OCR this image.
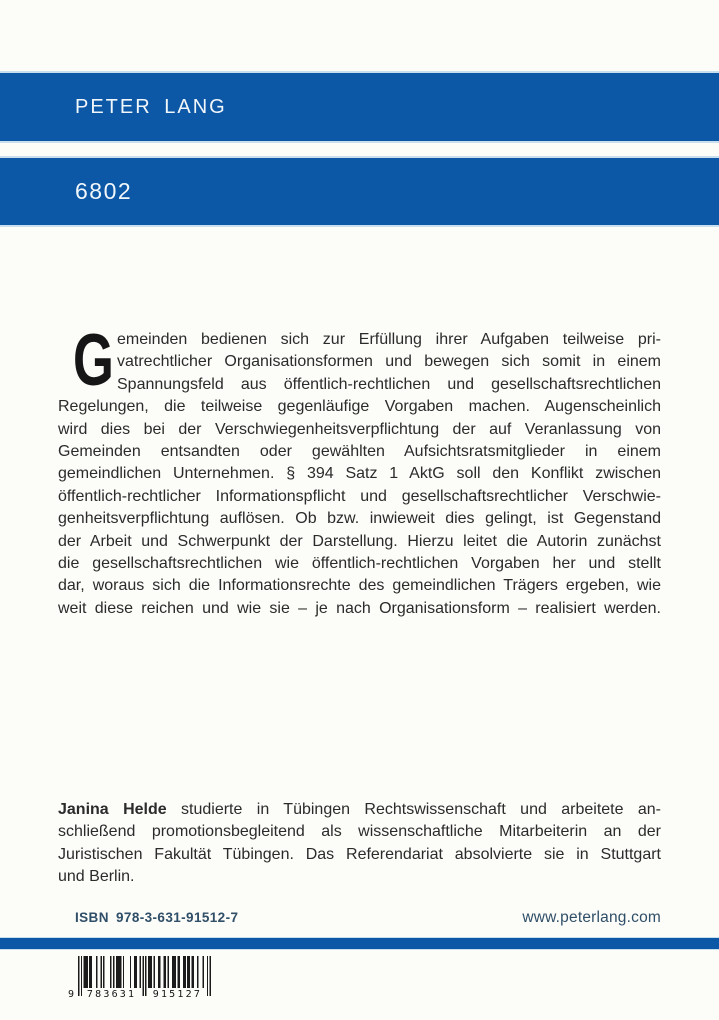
PETER LANG
6802
G emeinden bedienen sich zur Erfüllung ihrer Aufgaben teilweise pri-
vatrechtlicher Organisationsformen und bewegen sich somit in einem
Spannungsfeld aus öffentlich-rechtlichen und gesellschaftsrechtlichen
Regelungen, die teilweise gegenläufige Vorgaben machen. Augenscheinlich
wird dies bei der Verschwiegenheitsverpflichtung der auf Veranlassung von
Gemeinden entsandten oder gewählten Aufsichtsratsmitglieder in einem
gemeindlichen Unternehmen. § 394 Satz 1 AktG soll den Konflikt zwischen
öffentlich-rechtlicher Informationspflicht und gesellschaftsrechtlicher Verschwie-
genheitsverpflichtung auflösen. Ob bzw. inwieweit dies gelingt, ist Gegenstand
der Arbeit und Schwerpunkt der Darstellung. Hierzu leitet die Autorin zunächst
die gesellschaftsrechtlichen wie öffentlich-rechtlichen Vorgaben her und stellt
dar, woraus sich die Informationsrechte des gemeindlichen Trägers ergeben, wie
weit diese reichen und wie sie – je nach Organisationsform – realisiert werden.
Janina Helde studierte in Tübingen Rechtswissenschaft und arbeitete an-
schließend promotionsbegleitend als wissenschaftliche Mitarbeiterin an der
Juristischen Fakultät Tübingen. Das Referendariat absolvierte sie in Stuttgart
und Berlin.
ISBN 978-3-631-91512-7	www.peterlang.com
9 783631 915127
